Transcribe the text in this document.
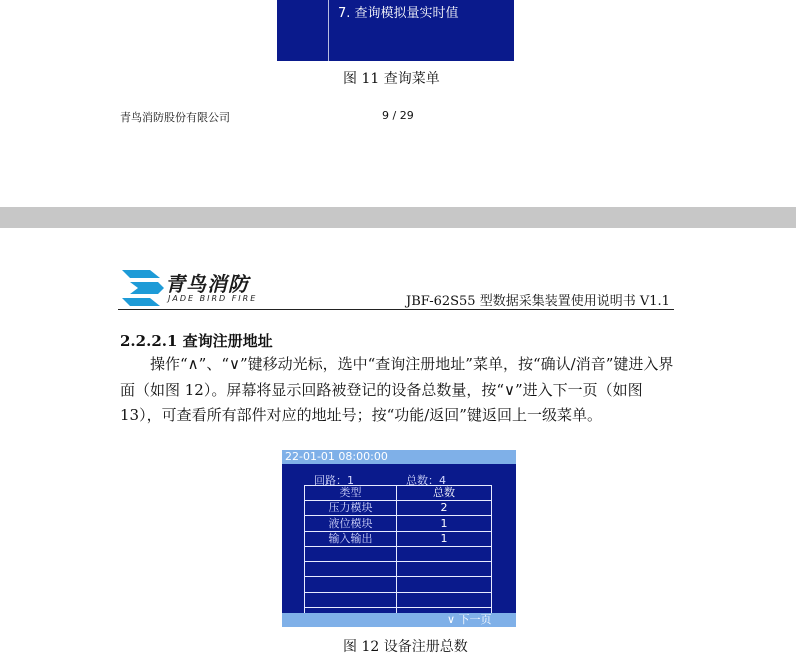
7. 查询模拟量实时值
图 11 查询菜单
青鸟消防股份有限公司	9 / 29
青鸟消防
JADE BIRD FIRE	JBF-62S55 型数据采集装置使用说明书 V1.1
2.2.2.1 查询注册地址
操作“∧”、“∨”键移动光标，选中“查询注册地址”菜单，按“确认/消音”键进入界面（如图 12）。屏幕将显示回路被登记的设备总数量，按“∨”进入下一页（如图 13），可查看所有部件对应的地址号；按“功能/返回”键返回上一级菜单。
22-01-01 08:00:00
回路：1	总数：4
类型	总数
压力模块	2
液位模块	1
输入输出	1

∨ 下一页
图 12 设备注册总数
